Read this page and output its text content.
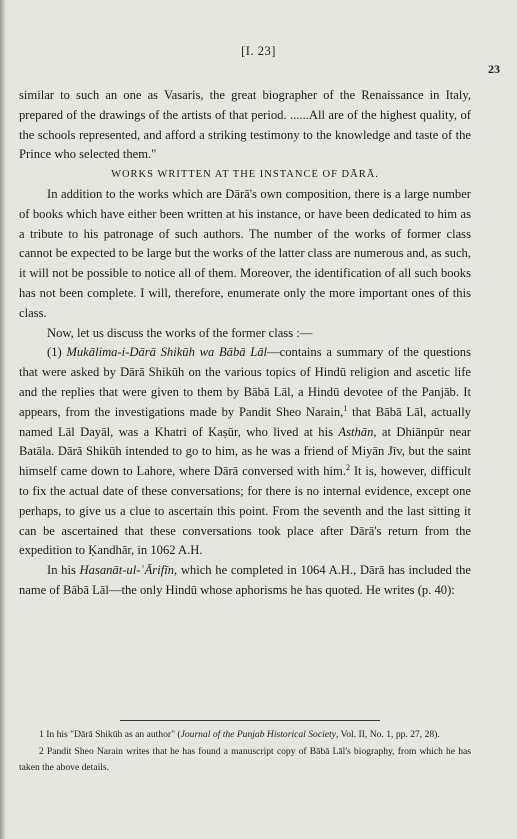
[I. 23]
23

similar to such an one as Vasaris, the great biographer of the Renaissance in Italy, prepared of the drawings of the artists of that period. ......All are of the highest quality, of the schools represented, and afford a striking testimony to the knowledge and taste of the Prince who selected them."

WORKS WRITTEN AT THE INSTANCE OF DĀRĀ.

In addition to the works which are Dārā's own composition, there is a large number of books which have either been written at his instance, or have been dedicated to him as a tribute to his patronage of such authors. The number of the works of former class cannot be expected to be large but the works of the latter class are numerous and, as such, it will not be possible to notice all of them. Moreover, the identification of all such books has not been complete. I will, therefore, enumerate only the more important ones of this class.

Now, let us discuss the works of the former class :—

(1) Mukālima-i-Dārā Shikūh wa Bābā Lāl—contains a summary of the questions that were asked by Dārā Shikūh on the various topics of Hindū religion and ascetic life and the replies that were given to them by Bābā Lāl, a Hindū devotee of the Panjāb. It appears, from the investigations made by Pandit Sheo Narain,$^1$ that Bābā Lāl, actually named Lāl Dayāl, was a Khatri of Kaṣūr, who lived at his Asthān, at Dhiānpūr near Batāla. Dārā Shikūh intended to go to him, as he was a friend of Miyān Jīv, but the saint himself came down to Lahore, where Dārā conversed with him.$^2$ It is, however, difficult to fix the actual date of these conversations; for there is no internal evidence, except one perhaps, to give us a clue to ascertain this point. From the seventh and the last sitting it can be ascertained that these conversations took place after Dārā's return from the expedition to Ḳandhār, in 1062 A.H.

In his Hasanāt-ul-ʿĀrifīn, which he completed in 1064 A.H., Dārā has included the name of Bābā Lāl—the only Hindū whose aphorisms he has quoted. He writes (p. 40):

1 In his "Dārā Shikūh as an author" (Journal of the Punjab Historical Society, Vol. II, No. 1, pp. 27, 28).

2 Pandit Sheo Narain writes that he has found a manuscript copy of Bābā Lāl's biography, from which he has taken the above details.
